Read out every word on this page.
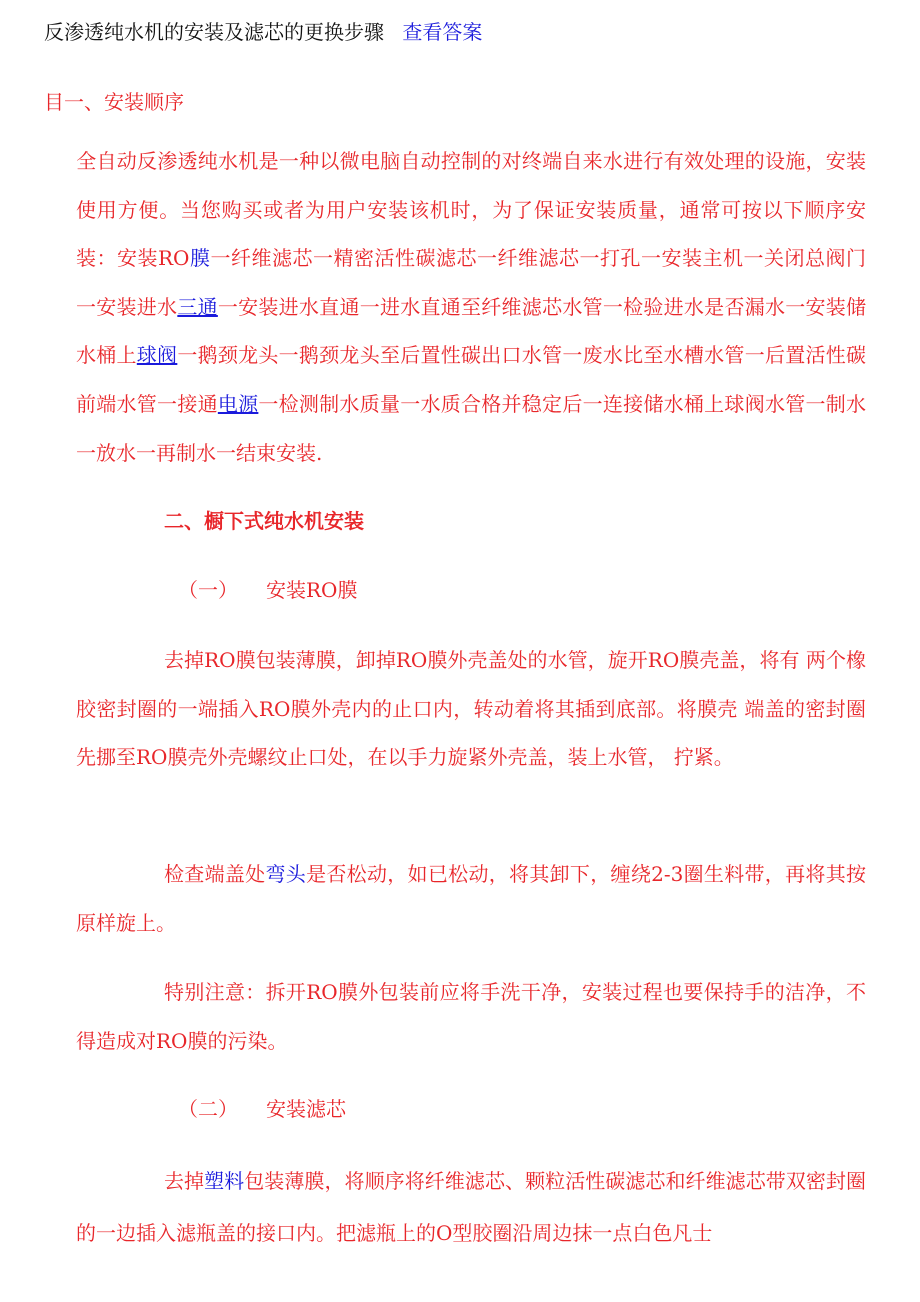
反渗透纯水机的安装及滤芯的更换步骤 查看答案
目一、安装顺序
全自动反渗透纯水机是一种以微电脑自动控制的对终端自来水进行有效处理的设施，安装使用方便。当您购买或者为用户安装该机时，为了保证安装质量，通常可按以下顺序安装：安装RO膜一纤维滤芯一精密活性碳滤芯一纤维滤芯一打孔一安装主机一关闭总阀门一安装进水三通一安装进水直通一进水直通至纤维滤芯水管一检验进水是否漏水一安装储水桶上球阀一鹅颈龙头一鹅颈龙头至后置性碳出口水管一废水比至水槽水管一后置活性碳前端水管一接通电源一检测制水质量一水质合格并稳定后一连接储水桶上球阀水管一制水一放水一再制水一结束安装.
二、橱下式纯水机安装
（一） 安装RO膜
去掉RO膜包装薄膜，卸掉RO膜外壳盖处的水管，旋开RO膜壳盖，将有 两个橡胶密封圈的一端插入RO膜外壳内的止口内，转动着将其插到底部。将膜壳 端盖的密封圈先挪至RO膜壳外壳螺纹止口处，在以手力旋紧外壳盖，装上水管， 拧紧。
检查端盖处弯头是否松动，如已松动，将其卸下，缠绕2-3圈生料带，再将其按原样旋上。
特别注意：拆开RO膜外包装前应将手洗干净，安装过程也要保持手的洁净，不得造成对RO膜的污染。
（二） 安装滤芯
去掉塑料包装薄膜，将顺序将纤维滤芯、颗粒活性碳滤芯和纤维滤芯带双密封圈的一边插入滤瓶盖的接口内。把滤瓶上的O型胶圈沿周边抹一点白色凡士
